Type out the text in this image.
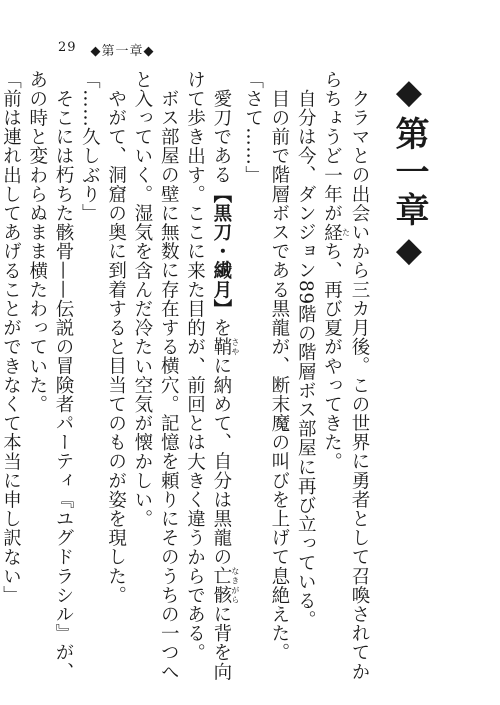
29 ◆第一章◆
◆第一章◆

クラマとの出会いから三カ月後。この世界に勇者として召喚されてからちょうど一年が経 たち、再び夏がやってきた。

自分は今、ダンジョン89階の階層ボス部屋に再び立っている。

目の前で階層ボスである黒龍が、断末魔の叫びを上げて息絶えた。

「さて……」

愛刀である【黒刀・繊月】を鞘 さやに納めて、自分は黒龍の亡骸 なきがらに背を向けて歩き出す。ここに来た目的が、前回とは大きく違うからである。

ボス部屋の壁に無数に存在する横穴。記憶を頼りにそのうちの一つへと入っていく。湿気を含んだ冷たい空気が懐かしい。

やがて、洞窟の奥に到着すると目当てのものが姿を現した。

「……久しぶり」

そこには朽ちた骸骨——伝説の冒険者パーティ『ユグドラシル』が、あの時と変わらぬまま横たわっていた。

「前は連れ出してあげることができなくて本当に申し訳ない」
